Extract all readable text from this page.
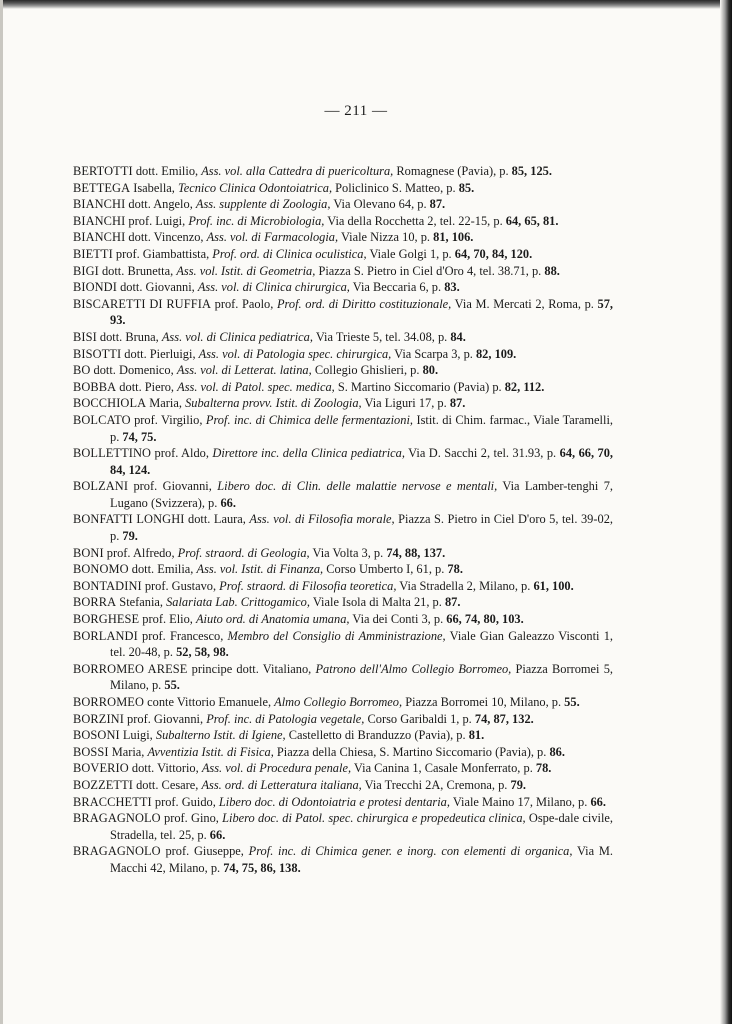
— 211 —
BERTOTTI dott. Emilio, Ass. vol. alla Cattedra di puericoltura, Romagnese (Pavia), p. 85, 125.
BETTEGA Isabella, Tecnico Clinica Odontoiatrica, Policlinico S. Matteo, p. 85.
BIANCHI dott. Angelo, Ass. supplente di Zoologia, Via Olevano 64, p. 87.
BIANCHI prof. Luigi, Prof. inc. di Microbiologia, Via della Rocchetta 2, tel. 22-15, p. 64, 65, 81.
BIANCHI dott. Vincenzo, Ass. vol. di Farmacologia, Viale Nizza 10, p. 81, 106.
BIETTI prof. Giambattista, Prof. ord. di Clinica oculistica, Viale Golgi 1, p. 64, 70, 84, 120.
BIGI dott. Brunetta, Ass. vol. Istit. di Geometria, Piazza S. Pietro in Ciel d'Oro 4, tel. 38.71, p. 88.
BIONDI dott. Giovanni, Ass. vol. di Clinica chirurgica, Via Beccaria 6, p. 83.
BISCARETTI DI RUFFIA prof. Paolo, Prof. ord. di Diritto costituzionale, Via M. Mercati 2, Roma, p. 57, 93.
BISI dott. Bruna, Ass. vol. di Clinica pediatrica, Via Trieste 5, tel. 34.08, p. 84.
BISOTTI dott. Pierluigi, Ass. vol. di Patologia spec. chirurgica, Via Scarpa 3, p. 82, 109.
BO dott. Domenico, Ass. vol. di Letterat. latina, Collegio Ghislieri, p. 80.
BOBBA dott. Piero, Ass. vol. di Patol. spec. medica, S. Martino Siccomario (Pavia) p. 82, 112.
BOCCHIOLA Maria, Subalterna provv. Istit. di Zoologia, Via Liguri 17, p. 87.
BOLCATO prof. Virgilio, Prof. inc. di Chimica delle fermentazioni, Istit. di Chim. farmac., Viale Taramelli, p. 74, 75.
BOLLETTINO prof. Aldo, Direttore inc. della Clinica pediatrica, Via D. Sacchi 2, tel. 31.93, p. 64, 66, 70, 84, 124.
BOLZANI prof. Giovanni, Libero doc. di Clin. delle malattie nervose e mentali, Via Lamber-tenghi 7, Lugano (Svizzera), p. 66.
BONFATTI LONGHI dott. Laura, Ass. vol. di Filosofia morale, Piazza S. Pietro in Ciel D'oro 5, tel. 39-02, p. 79.
BONI prof. Alfredo, Prof. straord. di Geologia, Via Volta 3, p. 74, 88, 137.
BONOMO dott. Emilia, Ass. vol. Istit. di Finanza, Corso Umberto I, 61, p. 78.
BONTADINI prof. Gustavo, Prof. straord. di Filosofia teoretica, Via Stradella 2, Milano, p. 61, 100.
BORRA Stefania, Salariata Lab. Crittogamico, Viale Isola di Malta 21, p. 87.
BORGHESE prof. Elio, Aiuto ord. di Anatomia umana, Via dei Conti 3, p. 66, 74, 80, 103.
BORLANDI prof. Francesco, Membro del Consiglio di Amministrazione, Viale Gian Galeazzo Visconti 1, tel. 20-48, p. 52, 58, 98.
BORROMEO ARESE principe dott. Vitaliano, Patrono dell'Almo Collegio Borromeo, Piazza Borromei 5, Milano, p. 55.
BORROMEO conte Vittorio Emanuele, Almo Collegio Borromeo, Piazza Borromei 10, Milano, p. 55.
BORZINI prof. Giovanni, Prof. inc. di Patologia vegetale, Corso Garibaldi 1, p. 74, 87, 132.
BOSONI Luigi, Subalterno Istit. di Igiene, Castelletto di Branduzzo (Pavia), p. 81.
BOSSI Maria, Avventizia Istit. di Fisica, Piazza della Chiesa, S. Martino Siccomario (Pavia), p. 86.
BOVERIO dott. Vittorio, Ass. vol. di Procedura penale, Via Canina 1, Casale Monferrato, p. 78.
BOZZETTI dott. Cesare, Ass. ord. di Letteratura italiana, Via Trecchi 2A, Cremona, p. 79.
BRACCHETTI prof. Guido, Libero doc. di Odontoiatria e protesi dentaria, Viale Maino 17, Milano, p. 66.
BRAGAGNOLO prof. Gino, Libero doc. di Patol. spec. chirurgica e propedeutica clinica, Ospe-dale civile, Stradella, tel. 25, p. 66.
BRAGAGNOLO prof. Giuseppe, Prof. inc. di Chimica gener. e inorg. con elementi di organica, Via M. Macchi 42, Milano, p. 74, 75, 86, 138.
